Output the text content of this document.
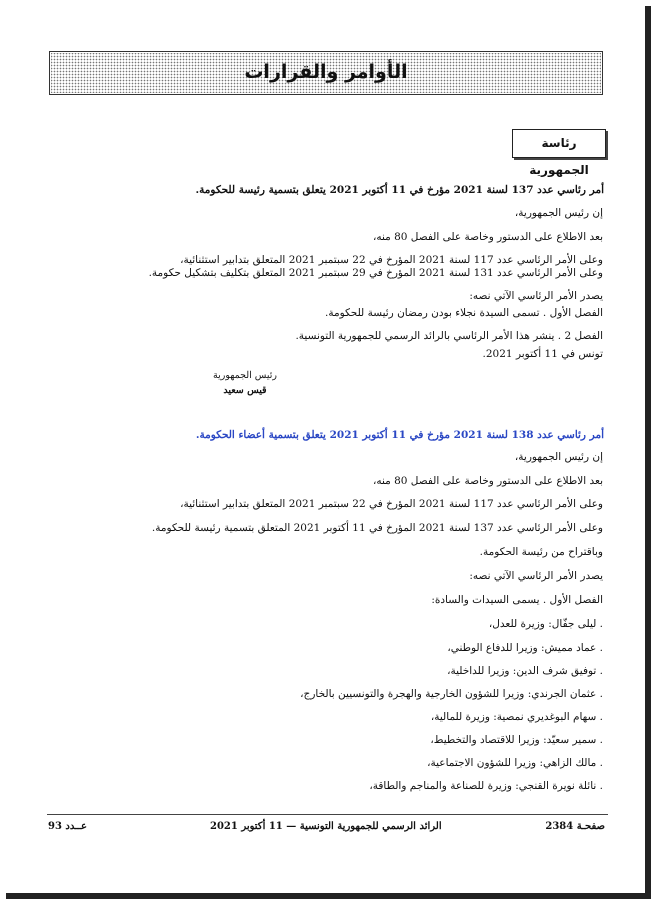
الأوامر والقرارات
رئاسة الجمهورية
أمر رئاسي عدد 137 لسنة 2021 مؤرخ في 11 أكتوبر 2021 يتعلق بتسمية رئيسة للحكومة.
إن رئيس الجمهورية،
بعد الاطلاع على الدستور وخاصة على الفصل 80 منه،
وعلى الأمر الرئاسي عدد 117 لسنة 2021 المؤرخ في 22 سبتمبر 2021 المتعلق بتدابير استثنائية،
وعلى الأمر الرئاسي عدد 131 لسنة 2021 المؤرخ في 29 سبتمبر 2021 المتعلق بتكليف بتشكيل حكومة.
يصدر الأمر الرئاسي الآتي نصه:
الفصل الأول . تسمى السيدة نجلاء بودن رمضان رئيسة للحكومة.
الفصل 2 . ينشر هذا الأمر الرئاسي بالرائد الرسمي للجمهورية التونسية.
تونس في 11 أكتوبر 2021.
رئيس الجمهورية
قيس سعيد
أمر رئاسي عدد 138 لسنة 2021 مؤرخ في 11 أكتوبر 2021 يتعلق بتسمية أعضاء الحكومة.
إن رئيس الجمهورية،
بعد الاطلاع على الدستور وخاصة على الفصل 80 منه،
وعلى الأمر الرئاسي عدد 117 لسنة 2021 المؤرخ في 22 سبتمبر 2021 المتعلق بتدابير استثنائية،
وعلى الأمر الرئاسي عدد 137 لسنة 2021 المؤرخ في 11 أكتوبر 2021 المتعلق بتسمية رئيسة للحكومة.
وباقتراح من رئيسة الحكومة.
يصدر الأمر الرئاسي الآتي نصه:
الفصل الأول . يسمى السيدات والسادة:
. ليلى جفّال: وزيرة للعدل،
. عماد مميش: وزيرا للدفاع الوطني،
. توفيق شرف الدين: وزيرا للداخلية،
. عثمان الجرندي: وزيرا للشؤون الخارجية والهجرة والتونسيين بالخارج،
. سهام البوغديري نمصية: وزيرة للمالية،
. سمير سعيّد: وزيرا للاقتصاد والتخطيط،
. مالك الزاهي: وزيرا للشؤون الاجتماعية،
. نائلة نويرة القنجي: وزيرة للصناعة والمناجم والطاقة،
صفحـة 2384
الرائد الرسمي للجمهورية التونسية — 11 أكتوبر 2021
عــدد 93
